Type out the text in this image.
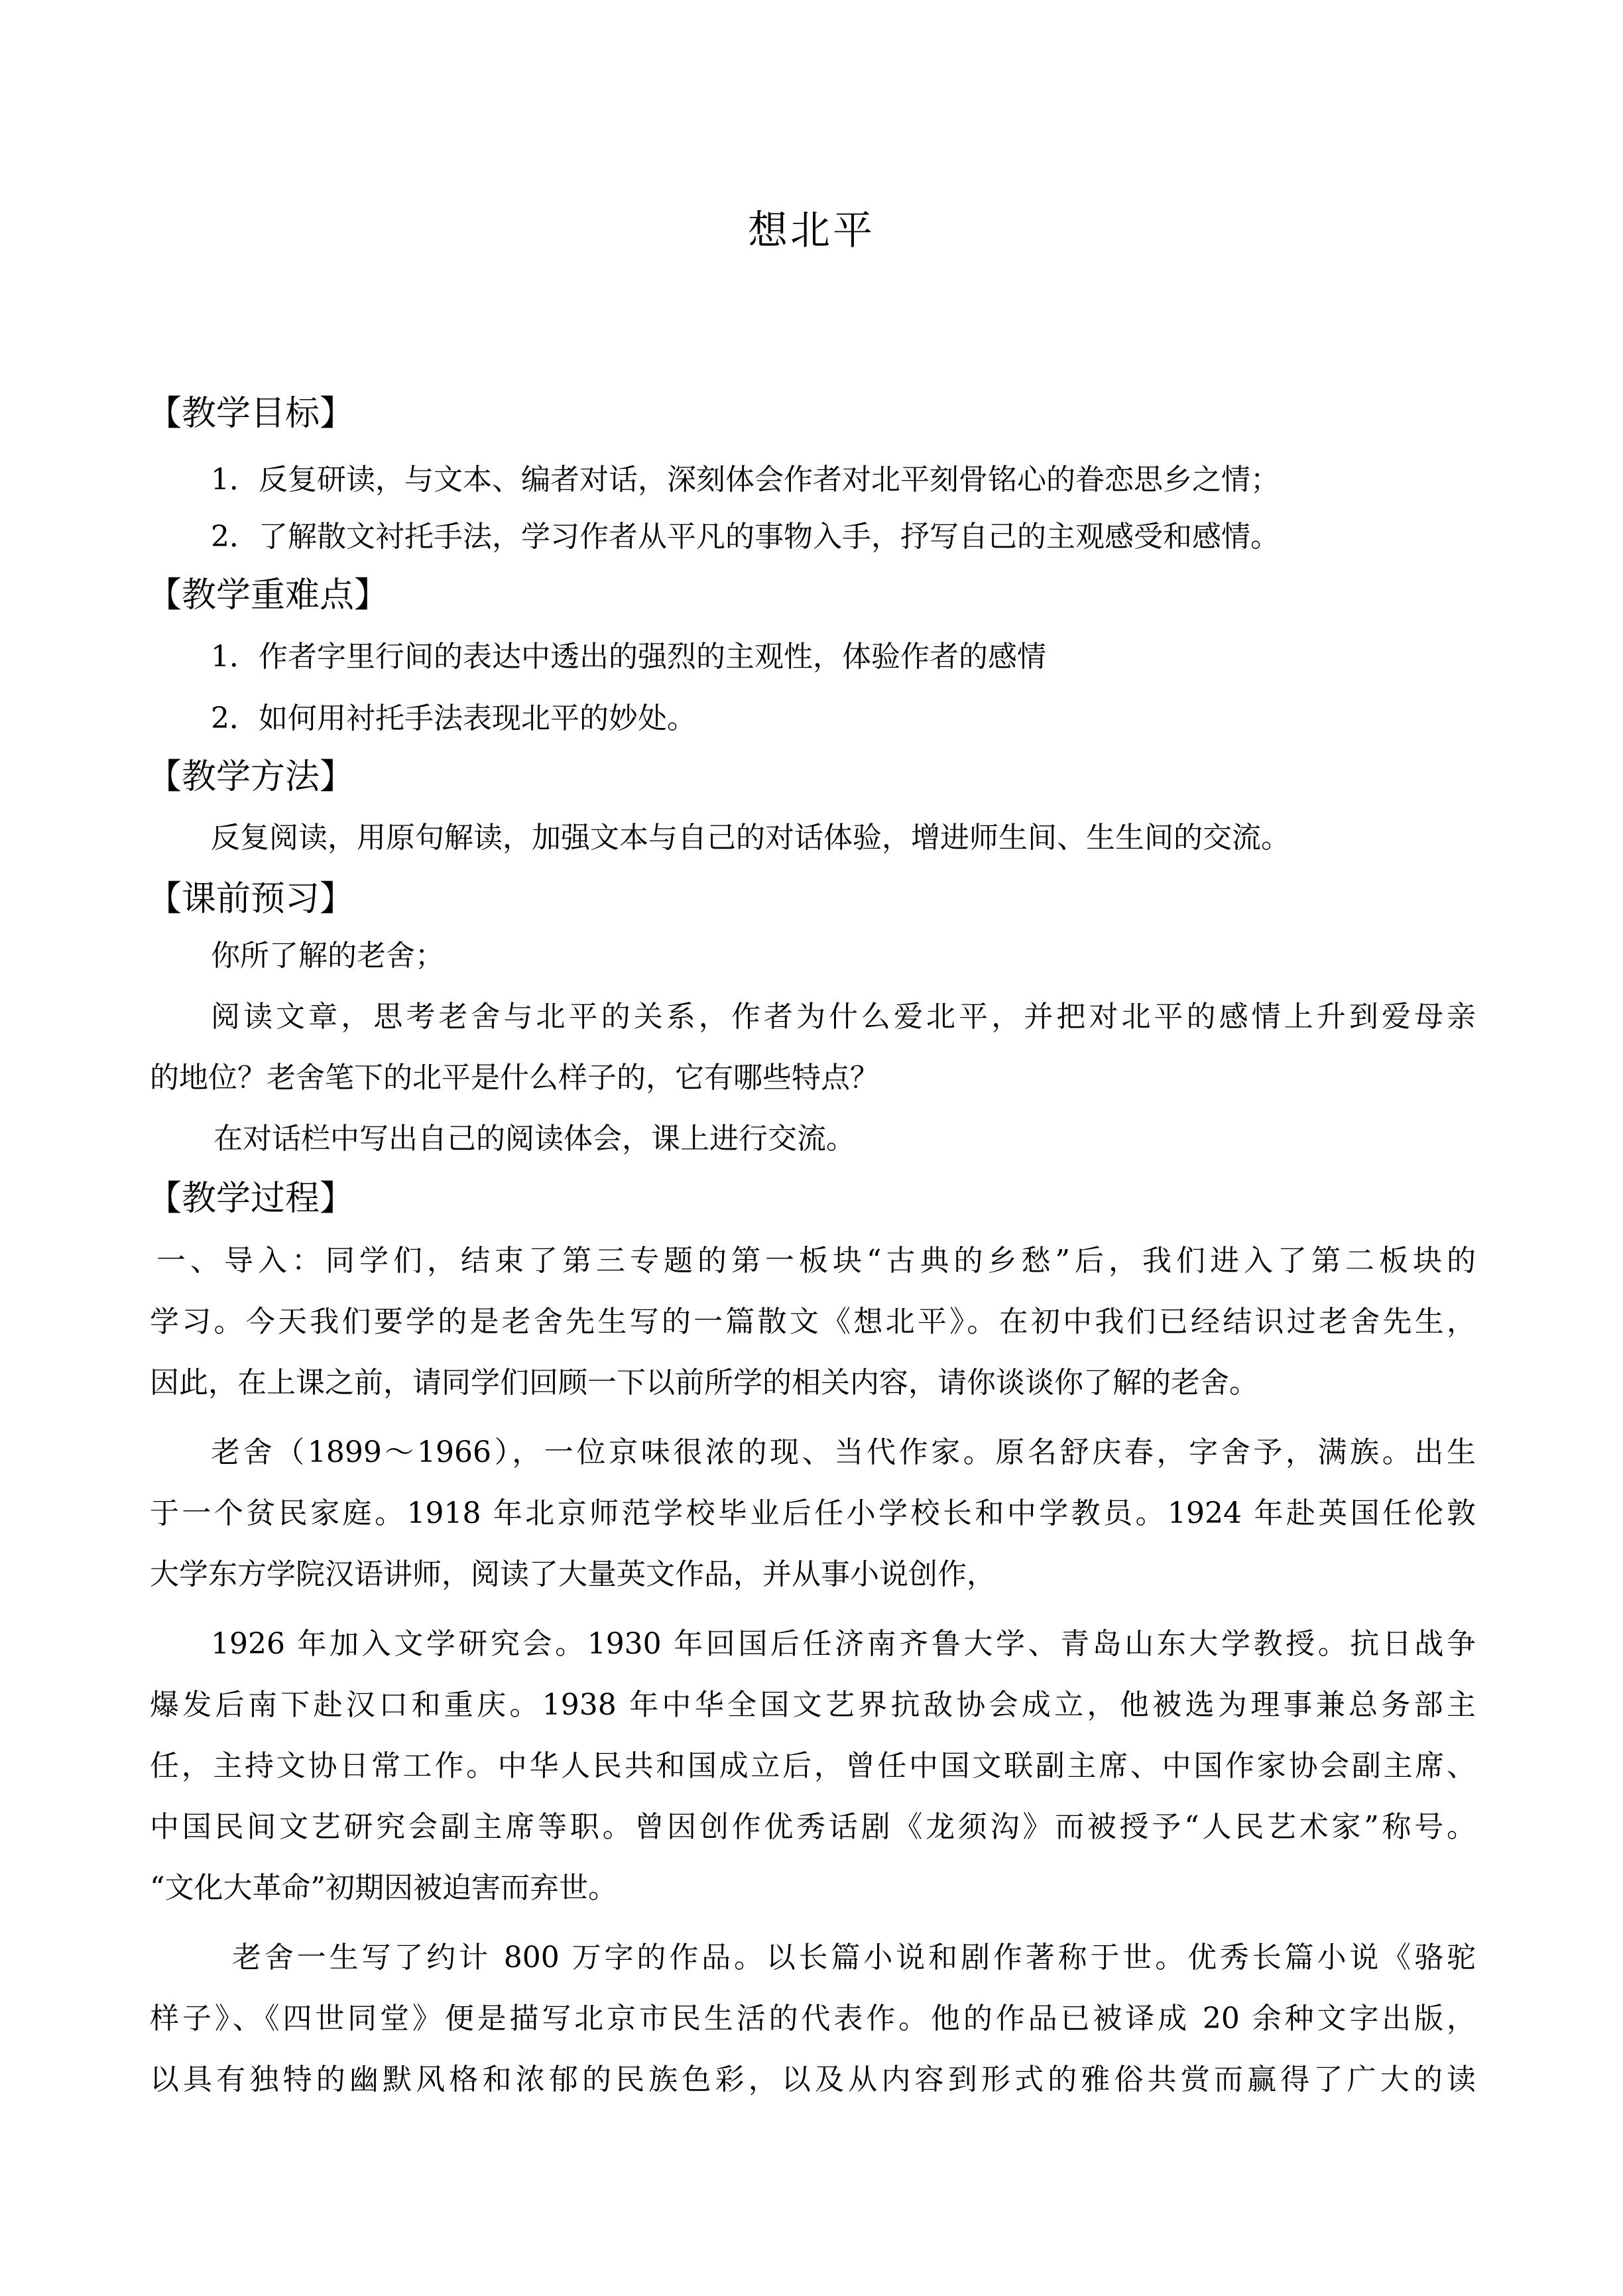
想北平
【教学目标】
1．反复研读，与文本、编者对话，深刻体会作者对北平刻骨铭心的眷恋思乡之情；
2．了解散文衬托手法，学习作者从平凡的事物入手，抒写自己的主观感受和感情。
【教学重难点】
1．作者字里行间的表达中透出的强烈的主观性，体验作者的感情
2．如何用衬托手法表现北平的妙处。
【教学方法】
反复阅读，用原句解读，加强文本与自己的对话体验，增进师生间、生生间的交流。
【课前预习】
你所了解的老舍；
阅读文章，思考老舍与北平的关系，作者为什么爱北平，并把对北平的感情上升到爱母亲
的地位？老舍笔下的北平是什么样子的，它有哪些特点？
在对话栏中写出自己的阅读体会，课上进行交流。
【教学过程】
一、导入：同学们，结束了第三专题的第一板块“古典的乡愁”后，我们进入了第二板块的
学习。今天我们要学的是老舍先生写的一篇散文《想北平》。在初中我们已经结识过老舍先生，
因此，在上课之前，请同学们回顾一下以前所学的相关内容，请你谈谈你了解的老舍。
老舍（1899～1966），一位京味很浓的现、当代作家。原名舒庆春，字舍予，满族。出生
于一个贫民家庭。1918 年北京师范学校毕业后任小学校长和中学教员。1924 年赴英国任伦敦
大学东方学院汉语讲师，阅读了大量英文作品，并从事小说创作，
1926 年加入文学研究会。1930 年回国后任济南齐鲁大学、青岛山东大学教授。抗日战争
爆发后南下赴汉口和重庆。1938 年中华全国文艺界抗敌协会成立，他被选为理事兼总务部主
任，主持文协日常工作。中华人民共和国成立后，曾任中国文联副主席、中国作家协会副主席、
中国民间文艺研究会副主席等职。曾因创作优秀话剧《龙须沟》而被授予“人民艺术家”称号。
“文化大革命”初期因被迫害而弃世。
老舍一生写了约计 800 万字的作品。以长篇小说和剧作著称于世。优秀长篇小说《骆驼
样子》、《四世同堂》便是描写北京市民生活的代表作。他的作品已被译成 20 余种文字出版，
以具有独特的幽默风格和浓郁的民族色彩，以及从内容到形式的雅俗共赏而赢得了广大的读
